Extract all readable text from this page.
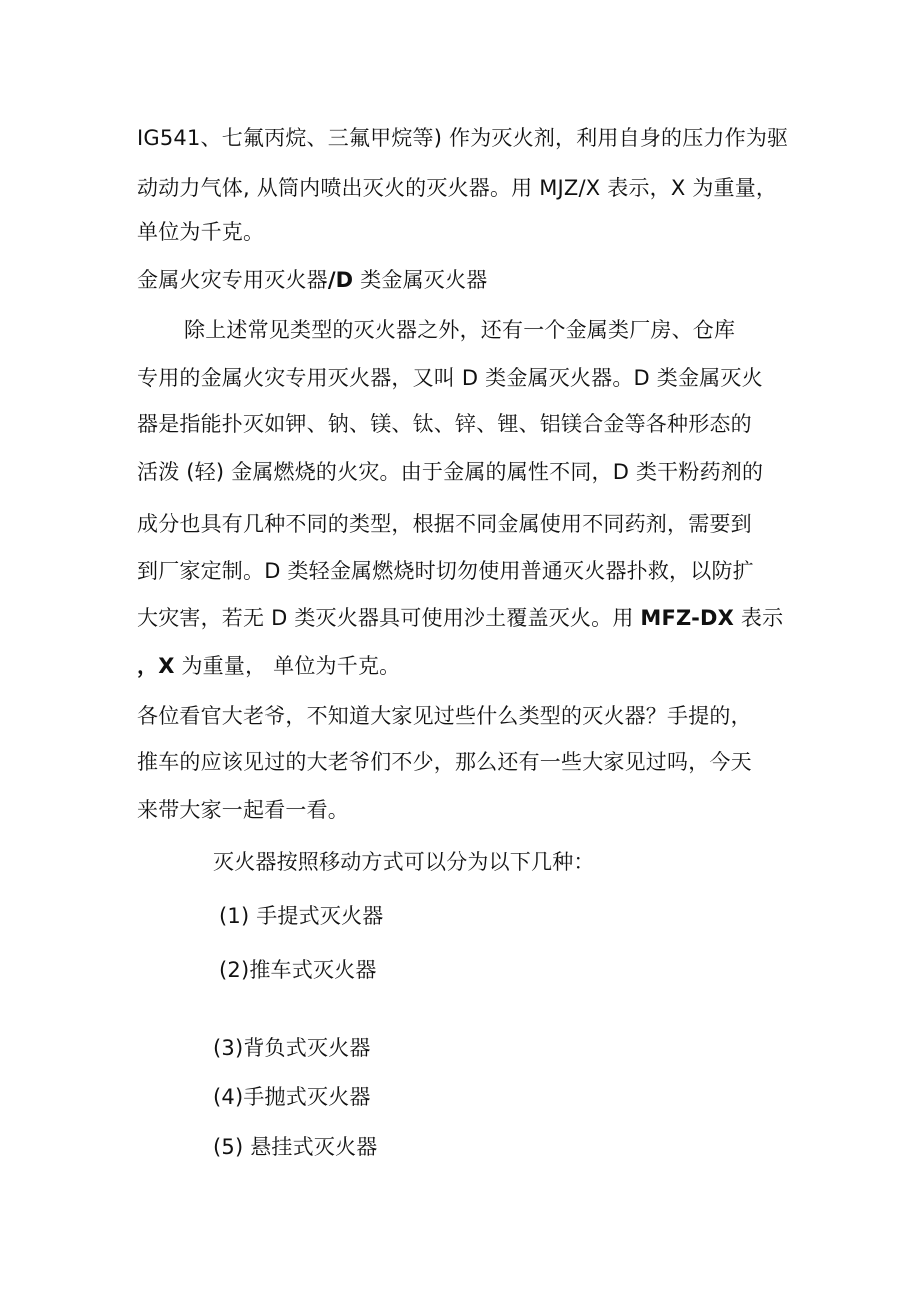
IG541、七氟丙烷、三氟甲烷等) 作为灭火剂，利用自身的压力作为驱
动动力气体, 从筒内喷出灭火的灭火器。用 MJZ/X 表示，X 为重量，
单位为千克。
金属火灾专用灭火器/D 类金属灭火器
除上述常见类型的灭火器之外，还有一个金属类厂房、仓库
专用的金属火灾专用灭火器，又叫 D 类金属灭火器。D 类金属灭火
器是指能扑灭如钾、钠、镁、钛、锌、锂、铝镁合金等各种形态的
活泼 (轻) 金属燃烧的火灾。由于金属的属性不同，D 类干粉药剂的
成分也具有几种不同的类型，根据不同金属使用不同药剂，需要到
到厂家定制。D 类轻金属燃烧时切勿使用普通灭火器扑救，以防扩
大灾害，若无 D 类灭火器具可使用沙土覆盖灭火。用 MFZ-DX 表示
，X 为重量， 单位为千克。
各位看官大老爷，不知道大家见过些什么类型的灭火器？手提的，
推车的应该见过的大老爷们不少，那么还有一些大家见过吗，今天
来带大家一起看一看。
灭火器按照移动方式可以分为以下几种：
(1) 手提式灭火器
(2)推车式灭火器
(3)背负式灭火器
(4)手抛式灭火器
(5) 悬挂式灭火器
